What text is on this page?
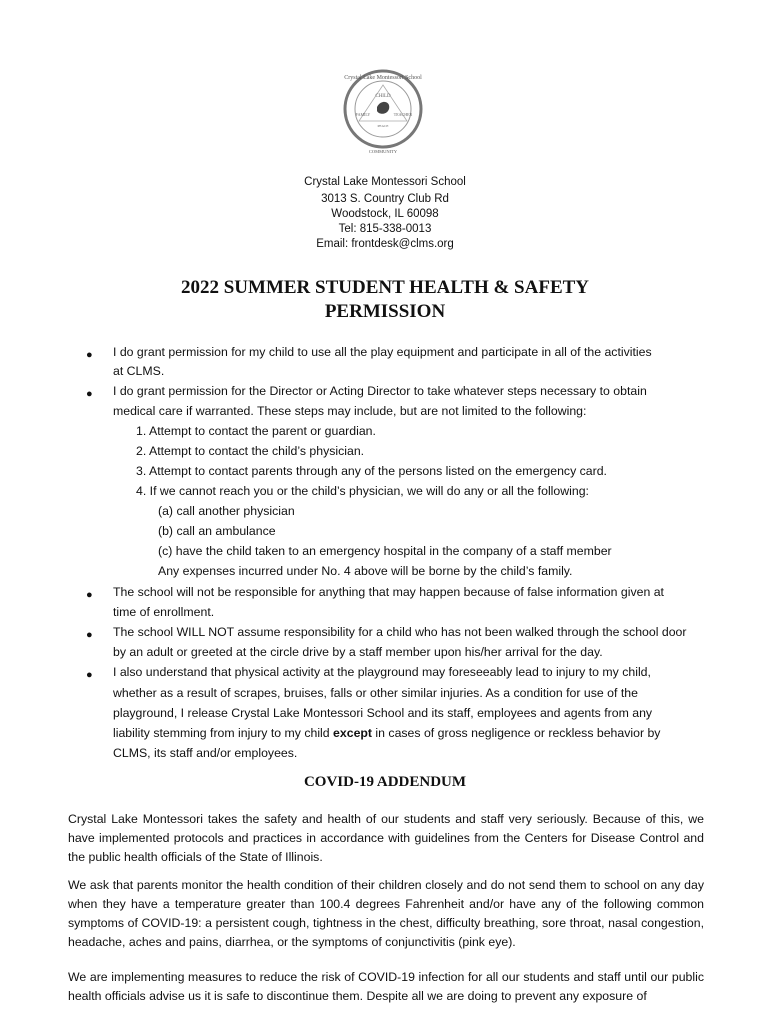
Crystal Lake Montessori School
CHILD
FAMILY	TEACHER
PEACE
COMMUNITY
Crystal Lake Montessori School
3013 S. Country Club Rd
Woodstock, IL 60098
Tel: 815-338-0013
Email: frontdesk@clms.org
2022 SUMMER STUDENT HEALTH & SAFETY
PERMISSION
● I do grant permission for my child to use all the play equipment and participate in all of the activities
at CLMS.
● I do grant permission for the Director or Acting Director to take whatever steps necessary to obtain
medical care if warranted. These steps may include, but are not limited to the following:
1. Attempt to contact the parent or guardian.
2. Attempt to contact the child’s physician.
3. Attempt to contact parents through any of the persons listed on the emergency card.
4. If we cannot reach you or the child’s physician, we will do any or all the following:
(a) call another physician
(b) call an ambulance
(c) have the child taken to an emergency hospital in the company of a staff member
Any expenses incurred under No. 4 above will be borne by the child’s family.
● The school will not be responsible for anything that may happen because of false information given at
time of enrollment.
● The school WILL NOT assume responsibility for a child who has not been walked through the school door
by an adult or greeted at the circle drive by a staff member upon his/her arrival for the day.
● I also understand that physical activity at the playground may foreseeably lead to injury to my child,
whether as a result of scrapes, bruises, falls or other similar injuries. As a condition for use of the
playground, I release Crystal Lake Montessori School and its staff, employees and agents from any
liability stemming from injury to my child except in cases of gross negligence or reckless behavior by
CLMS, its staff and/or employees.
COVID-19 ADDENDUM
Crystal Lake Montessori takes the safety and health of our students and staff very seriously. Because of this, we have implemented protocols and practices in accordance with guidelines from the Centers for Disease Control and the public health officials of the State of Illinois.
We ask that parents monitor the health condition of their children closely and do not send them to school on any day when they have a temperature greater than 100.4 degrees Fahrenheit and/or have any of the following common symptoms of COVID-19: a persistent cough, tightness in the chest, difficulty breathing, sore throat, nasal congestion, headache, aches and pains, diarrhea, or the symptoms of conjunctivitis (pink eye).
We are implementing measures to reduce the risk of COVID-19 infection for all our students and staff until our public health officials advise us it is safe to discontinue them. Despite all we are doing to prevent any exposure of
